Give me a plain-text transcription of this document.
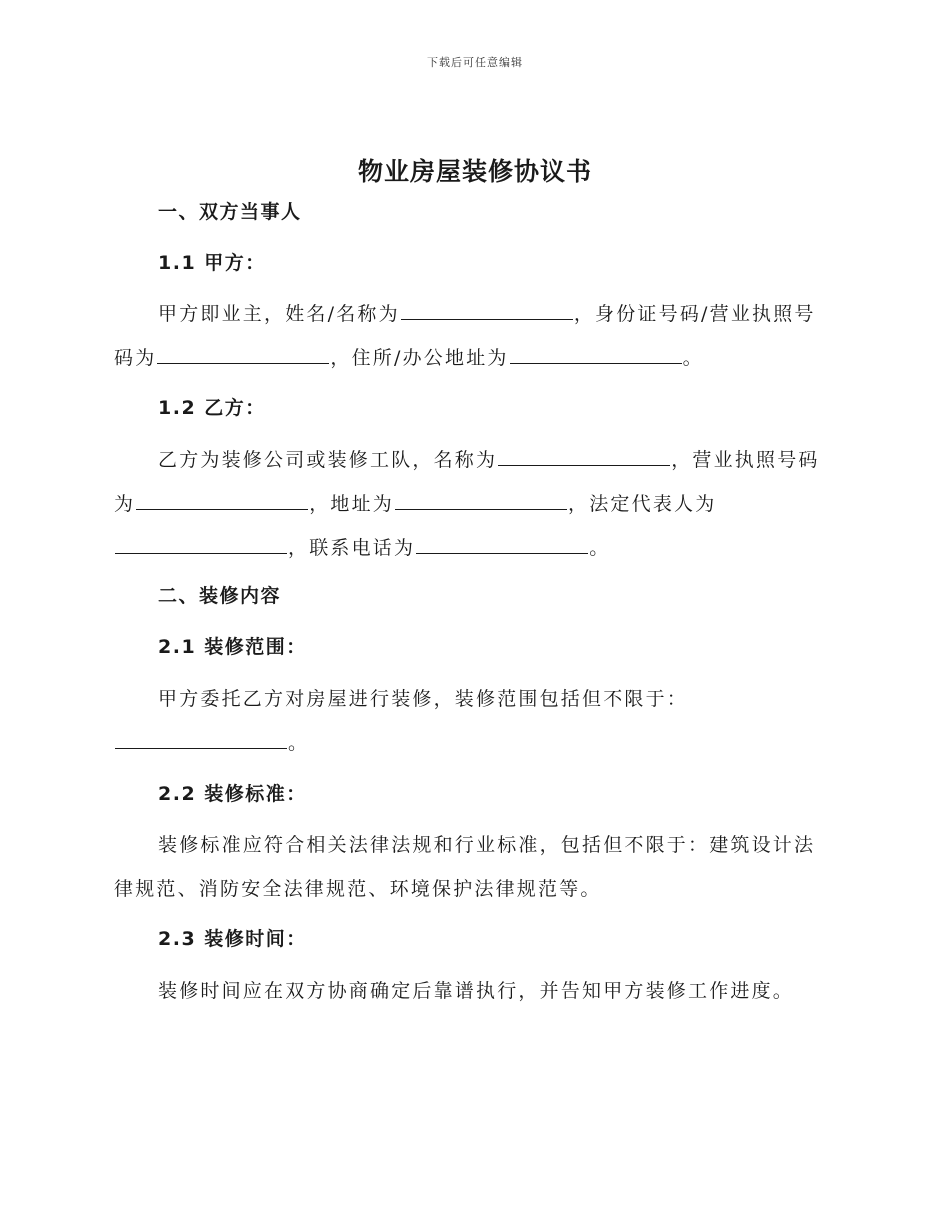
下载后可任意编辑
物业房屋装修协议书
一、双方当事人
1.1 甲方：

甲方即业主，姓名/名称为	，身份证号码/营业执照号码为	，住所/办公地址为	。

1.2 乙方：

乙方为装修公司或装修工队，名称为	，营业执照号码为	，地址为	，法定代表人为，联系电话为	。

二、装修内容
2.1 装修范围：

甲方委托乙方对房屋进行装修，装修范围包括但不限于：。

2.2 装修标准：

装修标准应符合相关法律法规和行业标准，包括但不限于：建筑设计法律规范、消防安全法律规范、环境保护法律规范等。

2.3 装修时间：

装修时间应在双方协商确定后靠谱执行，并告知甲方装修工作进度。
